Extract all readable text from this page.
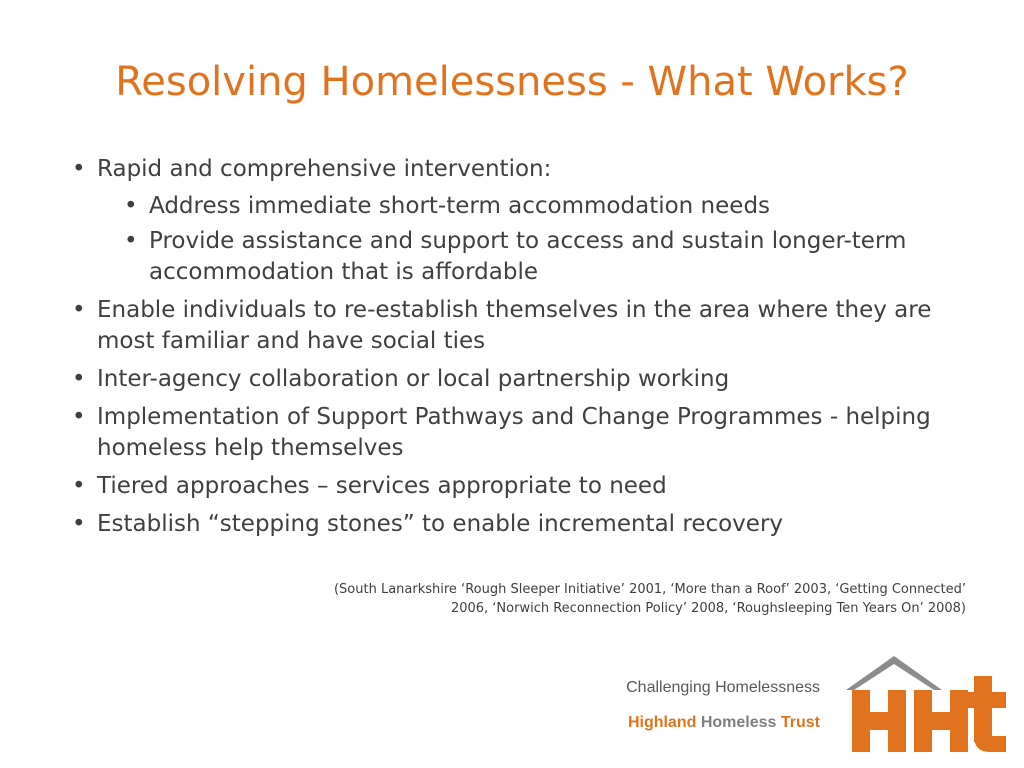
Resolving Homelessness - What Works?
• Rapid and comprehensive intervention:
• Address immediate short-term accommodation needs
• Provide assistance and support to access and sustain longer-term accommodation that is affordable
• Enable individuals to re-establish themselves in the area where they are most familiar and have social ties
• Inter-agency collaboration or local partnership working
• Implementation of Support Pathways and Change Programmes - helping homeless help themselves
• Tiered approaches – services appropriate to need
• Establish “stepping stones” to enable incremental recovery
(South Lanarkshire ‘Rough Sleeper Initiative’ 2001, ‘More than a Roof’ 2003, ‘Getting Connected’
2006, ‘Norwich Reconnection Policy’ 2008, ‘Roughsleeping Ten Years On’ 2008)
Challenging Homelessness
Highland Homeless Trust
